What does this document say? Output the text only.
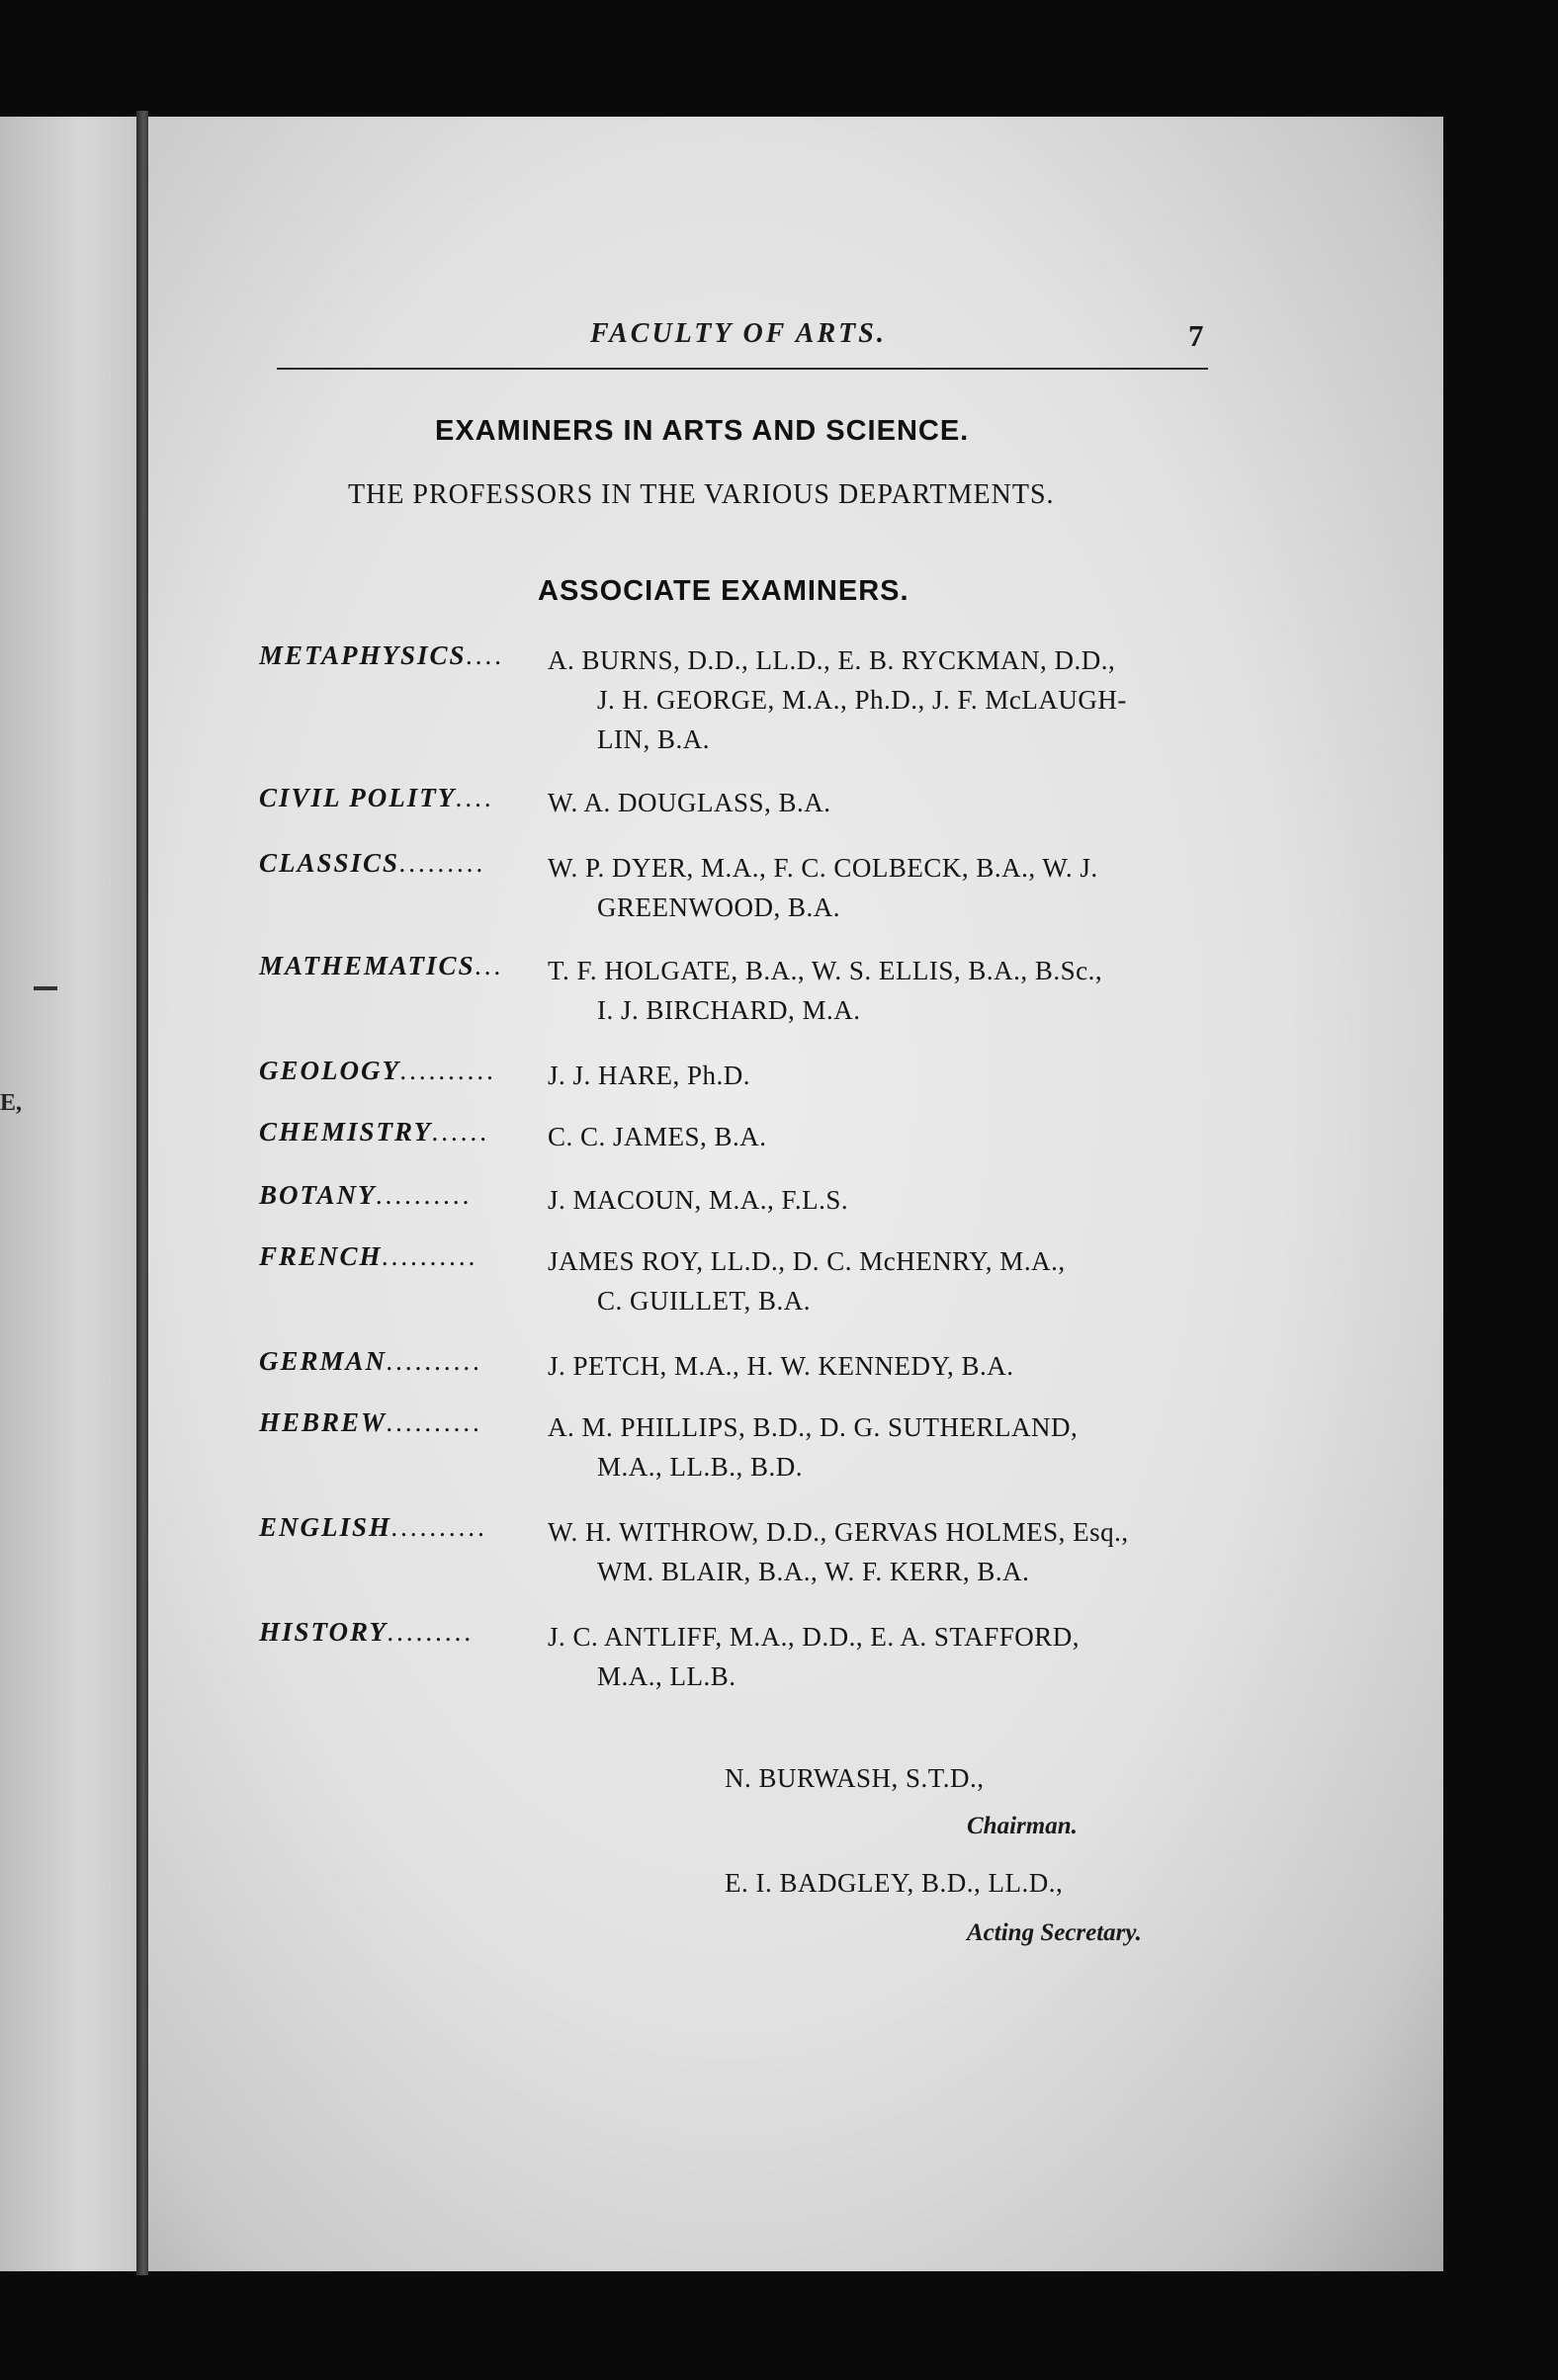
E,
FACULTY OF ARTS.	7
EXAMINERS IN ARTS AND SCIENCE.
THE PROFESSORS IN THE VARIOUS DEPARTMENTS.
ASSOCIATE EXAMINERS.
METAPHYSICS....	A. BURNS, D.D., LL.D., E. B. RYCKMAN, D.D.,
J. H. GEORGE, M.A., Ph.D., J. F. McLAUGH-
LIN, B.A.
CIVIL POLITY....	W. A. DOUGLASS, B.A.
CLASSICS.........	W. P. DYER, M.A., F. C. COLBECK, B.A., W. J.
GREENWOOD, B.A.
MATHEMATICS...	T. F. HOLGATE, B.A., W. S. ELLIS, B.A., B.Sc.,
I. J. BIRCHARD, M.A.
GEOLOGY..........	J. J. HARE, Ph.D.
CHEMISTRY......	C. C. JAMES, B.A.
BOTANY..........	J. MACOUN, M.A., F.L.S.
FRENCH..........	JAMES ROY, LL.D., D. C. McHENRY, M.A.,
C. GUILLET, B.A.
GERMAN..........	J. PETCH, M.A., H. W. KENNEDY, B.A.
HEBREW..........	A. M. PHILLIPS, B.D., D. G. SUTHERLAND,
M.A., LL.B., B.D.
ENGLISH..........	W. H. WITHROW, D.D., GERVAS HOLMES, Esq.,
WM. BLAIR, B.A., W. F. KERR, B.A.
HISTORY.........	J. C. ANTLIFF, M.A., D.D., E. A. STAFFORD,
M.A., LL.B.
N. BURWASH, S.T.D.,
Chairman.
E. I. BADGLEY, B.D., LL.D.,
Acting Secretary.
